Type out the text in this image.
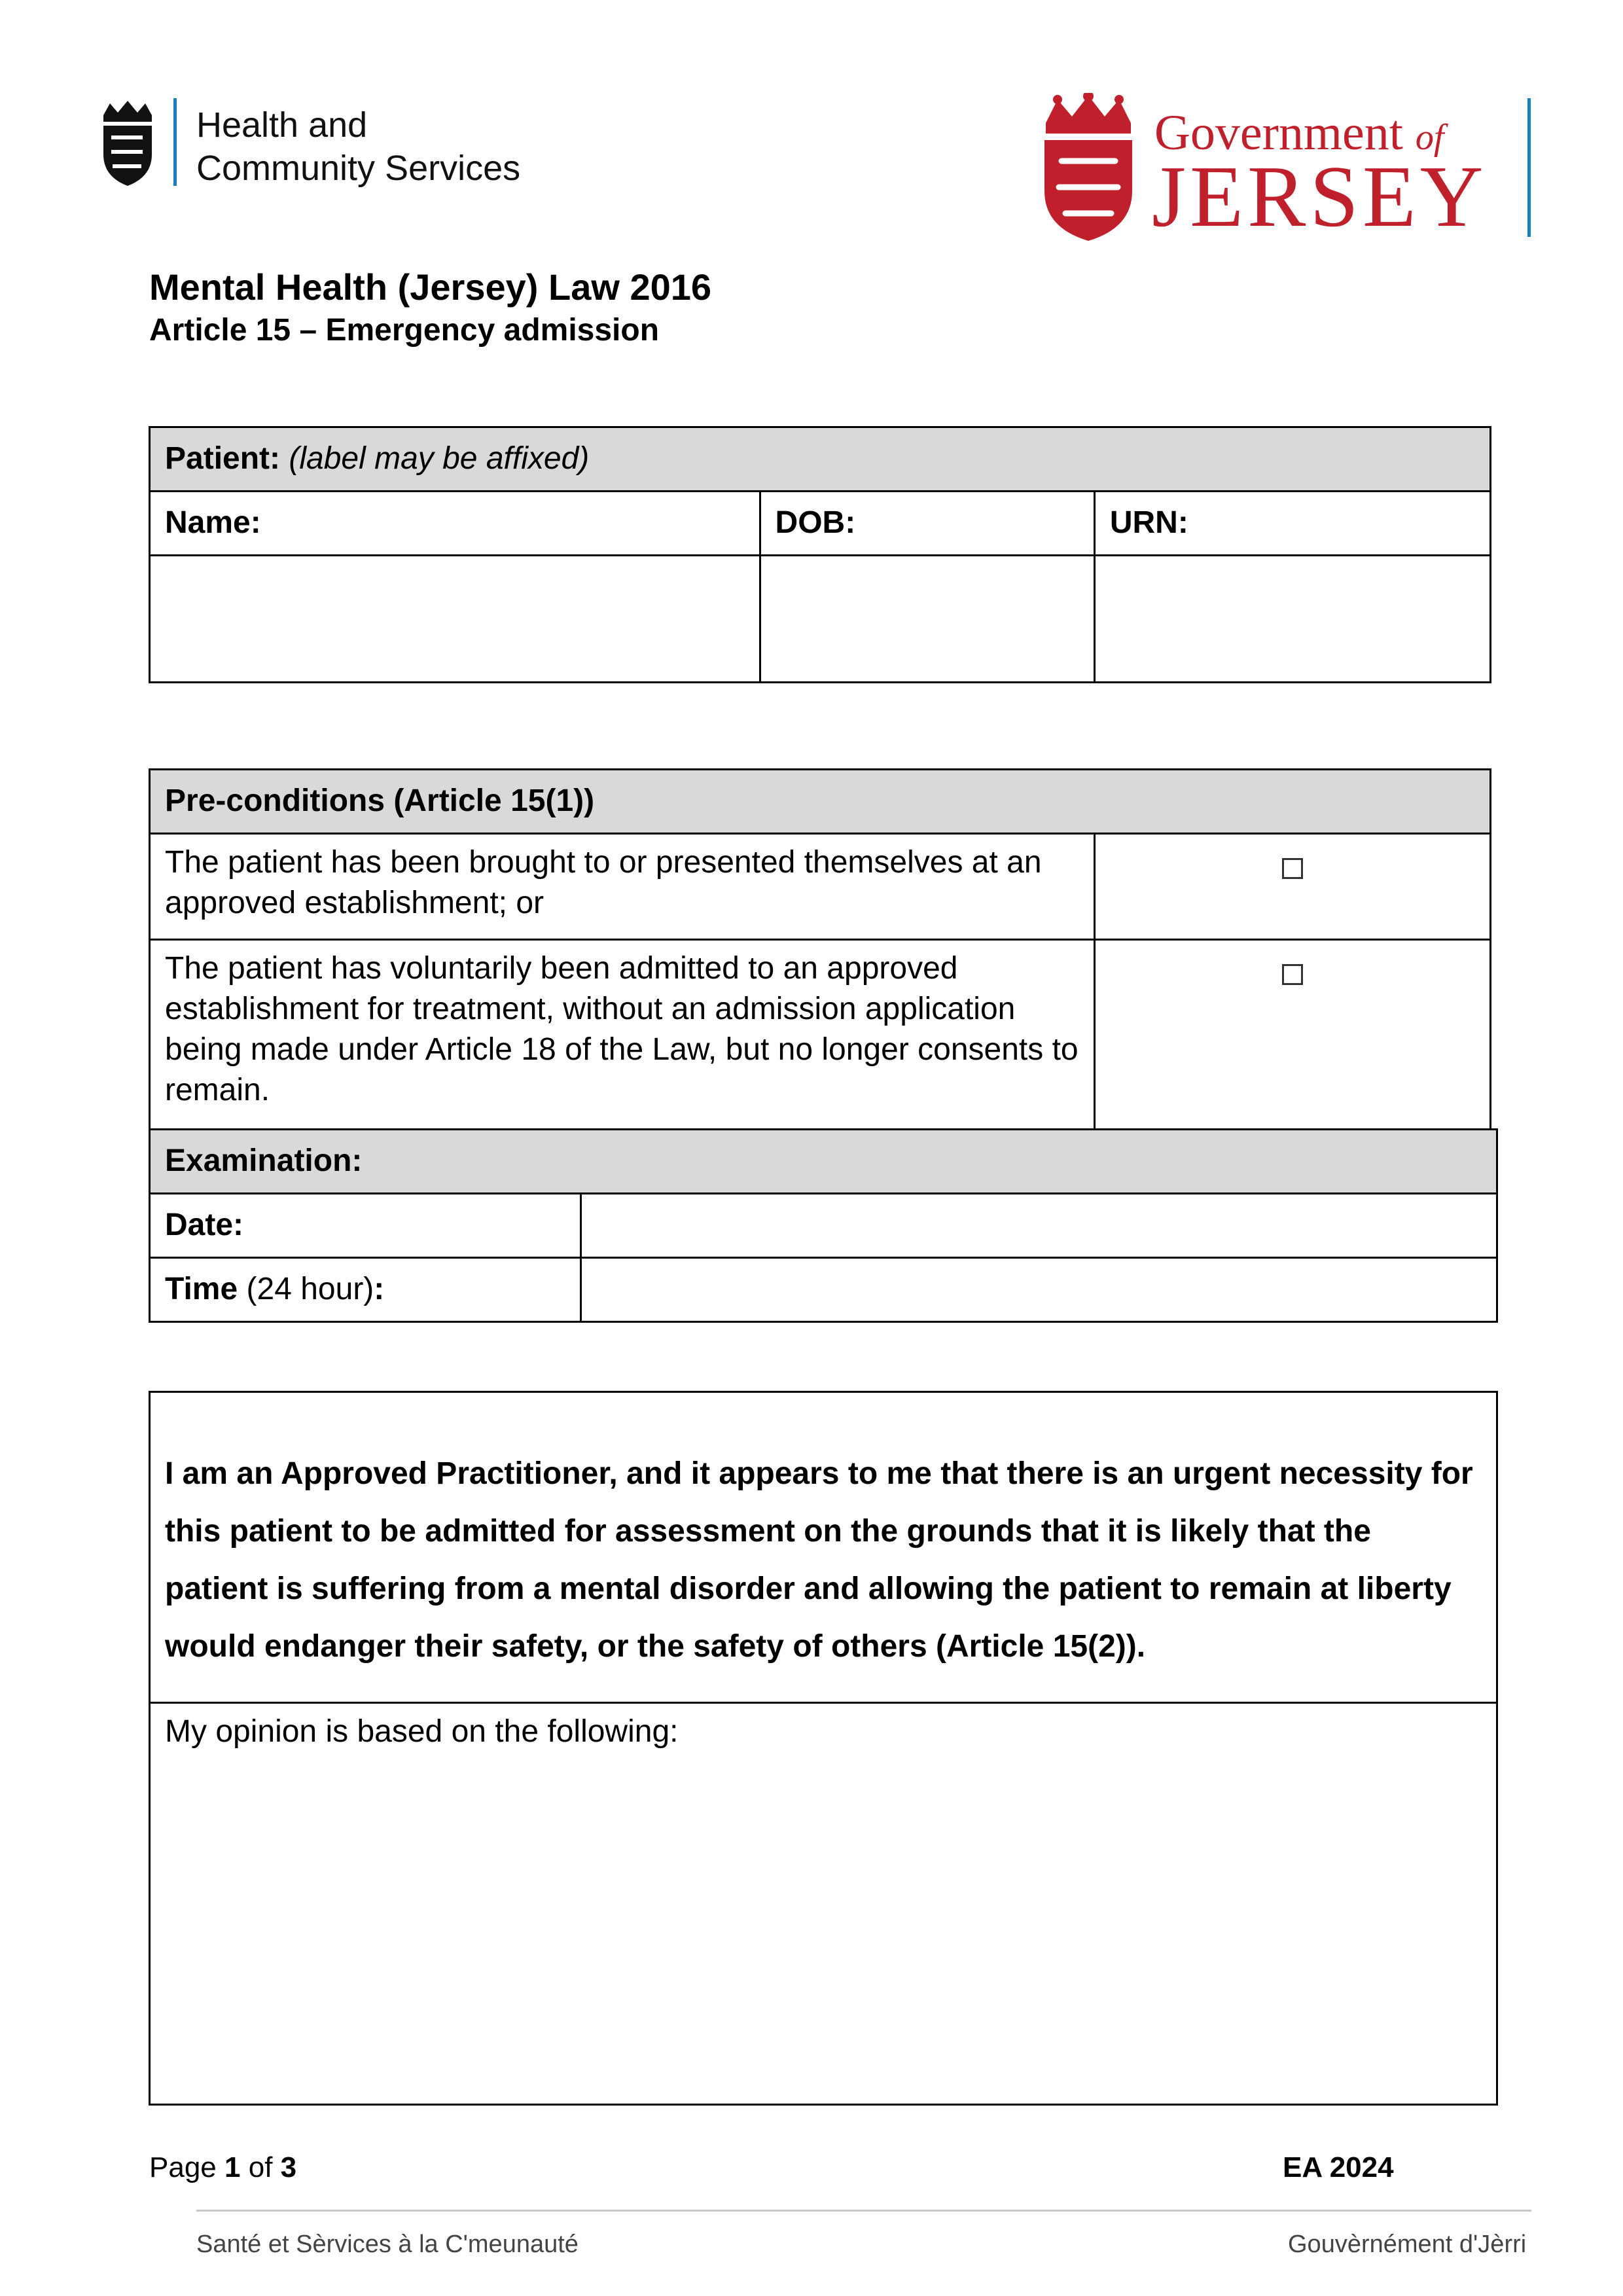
Health and
Community Services
Government of
JERSEY
Mental Health (Jersey) Law 2016
Article 15 – Emergency admission
Patient: (label may be affixed)		
Name:	DOB:	URN:

Pre-conditions (Article 15(1))	
The patient has been brought to or presented themselves at an approved establishment; or	
The patient has voluntarily been admitted to an approved establishment for treatment, without an admission application being made under Article 18 of the Law, but no longer consents to remain.	
Examination:	
Date:	
Time (24 hour):	
I am an Approved Practitioner, and it appears to me that there is an urgent necessity for this patient to be admitted for assessment on the grounds that it is likely that the patient is suffering from a mental disorder and allowing the patient to remain at liberty would endanger their safety, or the safety of others (Article 15(2)).
My opinion is based on the following:
Page 1 of 3	EA 2024
Santé et Sèrvices à la C'meunauté	Gouvèrnément d'Jèrri
